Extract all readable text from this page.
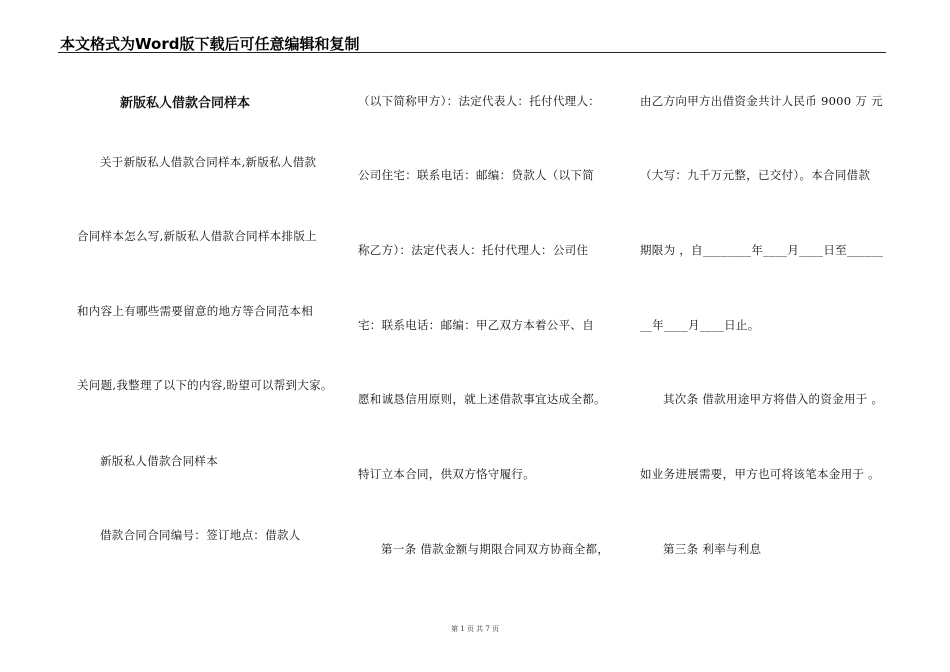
本文格式为Word版下载后可任意编辑和复制
新版私人借款合同样本
关于新版私人借款合同样本,新版私人借款
合同样本怎么写,新版私人借款合同样本排版上
和内容上有哪些需要留意的地方等合同范本相
关问题,我整理了以下的内容,盼望可以帮到大家。
新版私人借款合同样本
借款合同合同编号：签订地点：借款人
（以下简称甲方）：法定代表人：托付代理人：
公司住宅：联系电话：邮编：贷款人（以下简
称乙方）：法定代表人：托付代理人：公司住
宅：联系电话：邮编：甲乙双方本着公平、自
愿和诚恳信用原则，就上述借款事宜达成全都。
特订立本合同，供双方恪守履行。
第一条 借款金额与期限合同双方协商全都，
由乙方向甲方出借资金共计人民币 9000 万 元
（大写：九千万元整，已交付）。本合同借款
期限为 ，自________年____月____日至______
__年____月____日止。
其次条 借款用途甲方将借入的资金用于 。
如业务进展需要，甲方也可将该笔本金用于 。
第三条 利率与利息
第 1 页 共 7 页
